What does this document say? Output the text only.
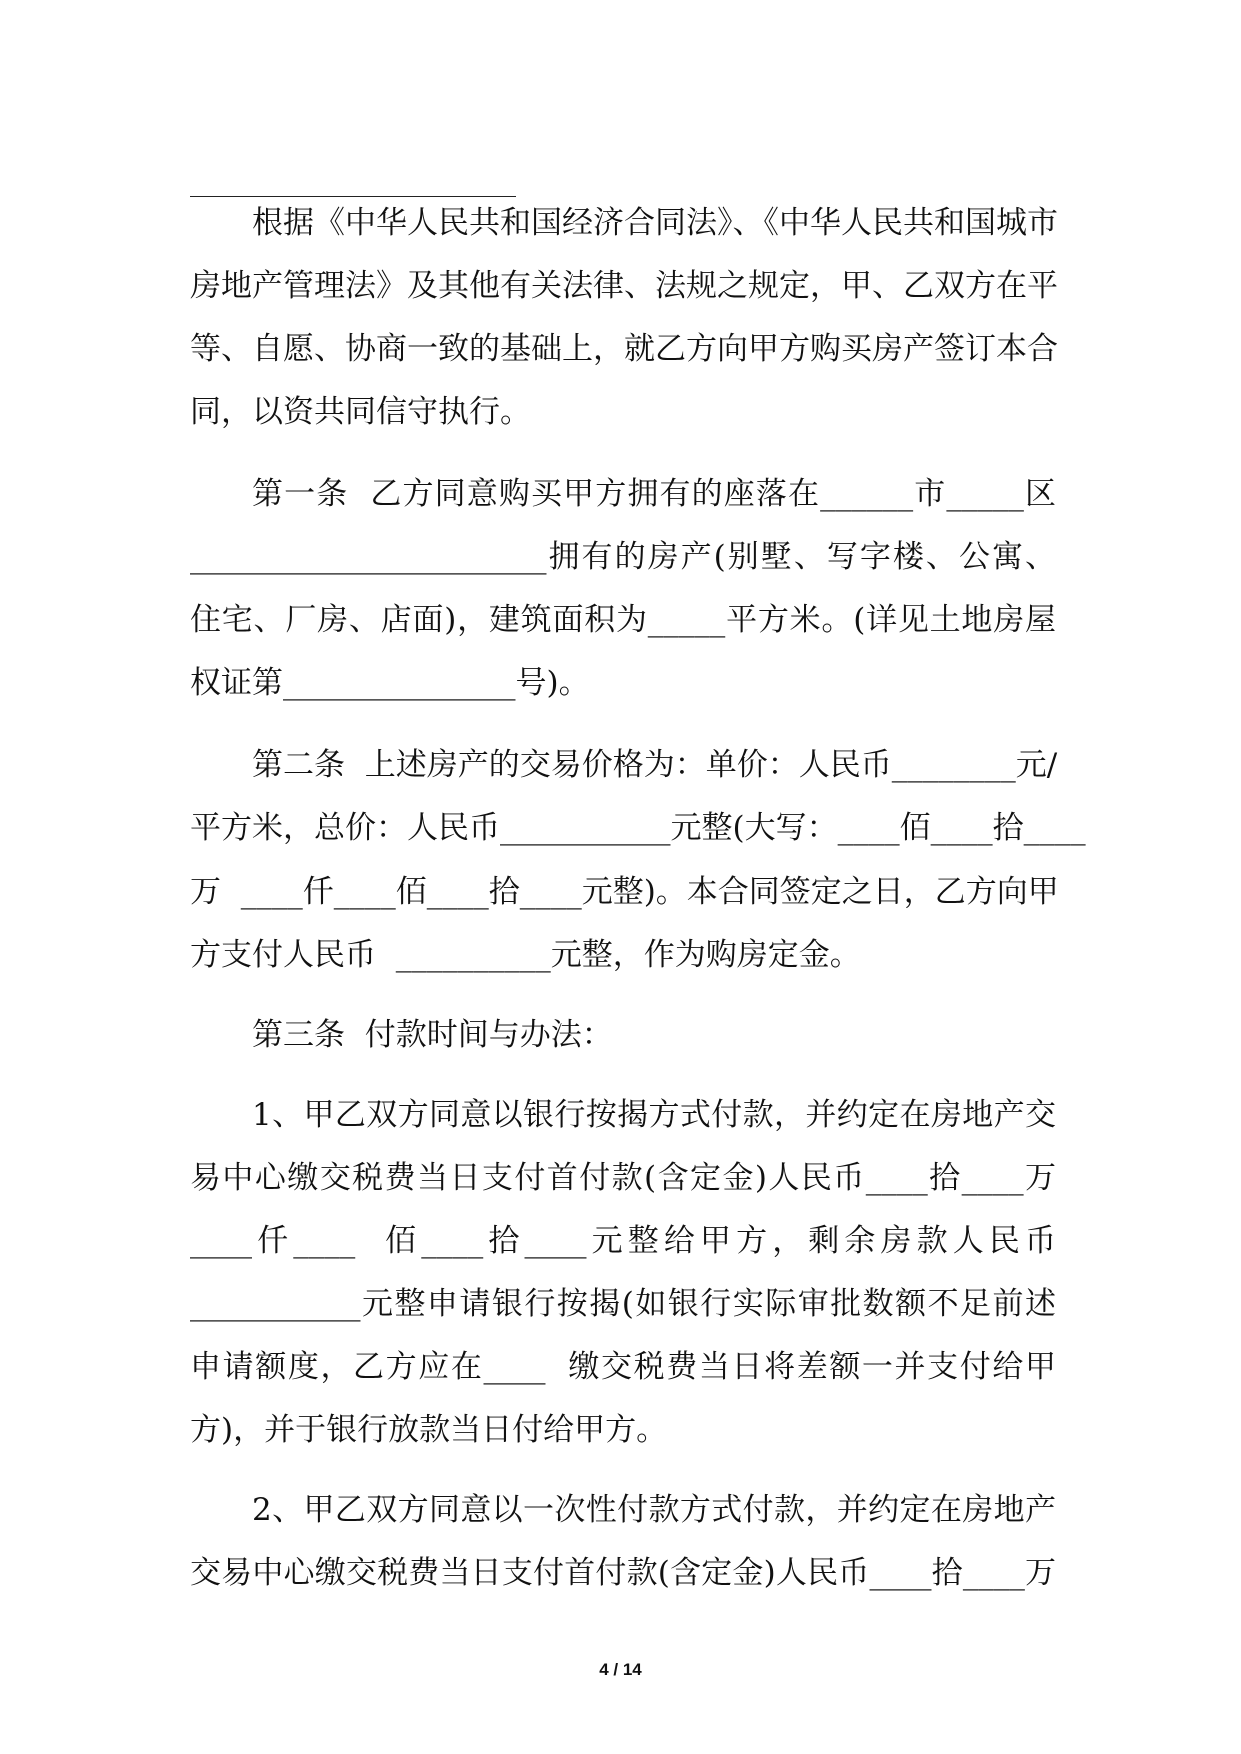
根据《中华人民共和国经济合同法》、《中华人民共和国城市
房地产管理法》及其他有关法律、法规之规定，甲、乙双方在平
等、自愿、协商一致的基础上，就乙方向甲方购买房产签订本合
同，以资共同信守执行。
第一条  乙方同意购买甲方拥有的座落在______市_____区
_______________________拥有的房产(别墅、写字楼、公寓、
住宅、厂房、店面)，建筑面积为_____平方米。(详见土地房屋
权证第_______________号)。
第二条  上述房产的交易价格为：单价：人民币________元/
平方米，总价：人民币___________元整(大写：____佰____拾____
万  ____仟____佰____拾____元整)。本合同签定之日，乙方向甲
方支付人民币  __________元整，作为购房定金。
第三条  付款时间与办法：
1、甲乙双方同意以银行按揭方式付款，并约定在房地产交
易中心缴交税费当日支付首付款(含定金)人民币____拾____万
____仟____  佰____拾____元整给甲方，剩余房款人民币
___________元整申请银行按揭(如银行实际审批数额不足前述
申请额度，乙方应在____  缴交税费当日将差额一并支付给甲
方)，并于银行放款当日付给甲方。
2、甲乙双方同意以一次性付款方式付款，并约定在房地产
交易中心缴交税费当日支付首付款(含定金)人民币____拾____万
4 / 14
